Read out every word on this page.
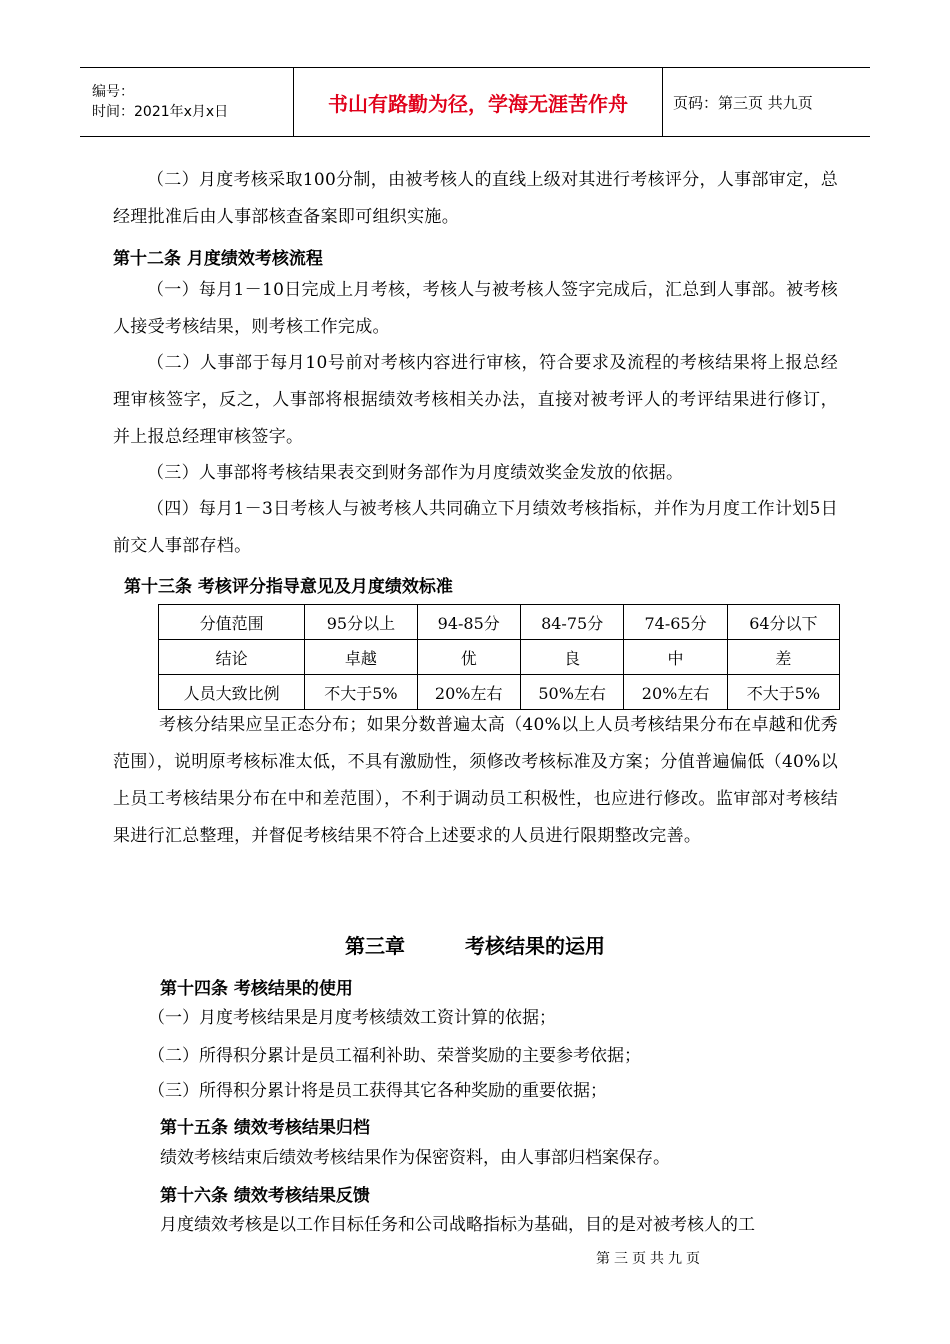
编号：
时间：2021年x月x日	书山有路勤为径，学海无涯苦作舟	页码：第三页 共九页
（二）月度考核采取100分制，由被考核人的直线上级对其进行考核评分，人事部审定，总经理批准后由人事部核查备案即可组织实施。
第十二条 月度绩效考核流程
（一）每月1－10日完成上月考核，考核人与被考核人签字完成后，汇总到人事部。被考核人接受考核结果，则考核工作完成。
（二）人事部于每月10号前对考核内容进行审核，符合要求及流程的考核结果将上报总经理审核签字，反之，人事部将根据绩效考核相关办法，直接对被考评人的考评结果进行修订，并上报总经理审核签字。
（三）人事部将考核结果表交到财务部作为月度绩效奖金发放的依据。
（四）每月1－3日考核人与被考核人共同确立下月绩效考核指标，并作为月度工作计划5日前交人事部存档。
第十三条 考核评分指导意见及月度绩效标准
分值范围	95分以上	94-85分	84-75分	74-65分	64分以下
结论	卓越	优	良	中	差
人员大致比例	不大于5%	20%左右	50%左右	20%左右	不大于5%
考核分结果应呈正态分布；如果分数普遍太高（40%以上人员考核结果分布在卓越和优秀范围），说明原考核标准太低，不具有激励性，须修改考核标准及方案；分值普遍偏低（40%以上员工考核结果分布在中和差范围），不利于调动员工积极性，也应进行修改。监审部对考核结果进行汇总整理，并督促考核结果不符合上述要求的人员进行限期整改完善。
第三章	考核结果的运用
第十四条 考核结果的使用
（一）月度考核结果是月度考核绩效工资计算的依据；
（二）所得积分累计是员工福利补助、荣誉奖励的主要参考依据；
（三）所得积分累计将是员工获得其它各种奖励的重要依据；
第十五条 绩效考核结果归档
绩效考核结束后绩效考核结果作为保密资料，由人事部归档案保存。
第十六条 绩效考核结果反馈
月度绩效考核是以工作目标任务和公司战略指标为基础，目的是对被考核人的工
第三页共九页
